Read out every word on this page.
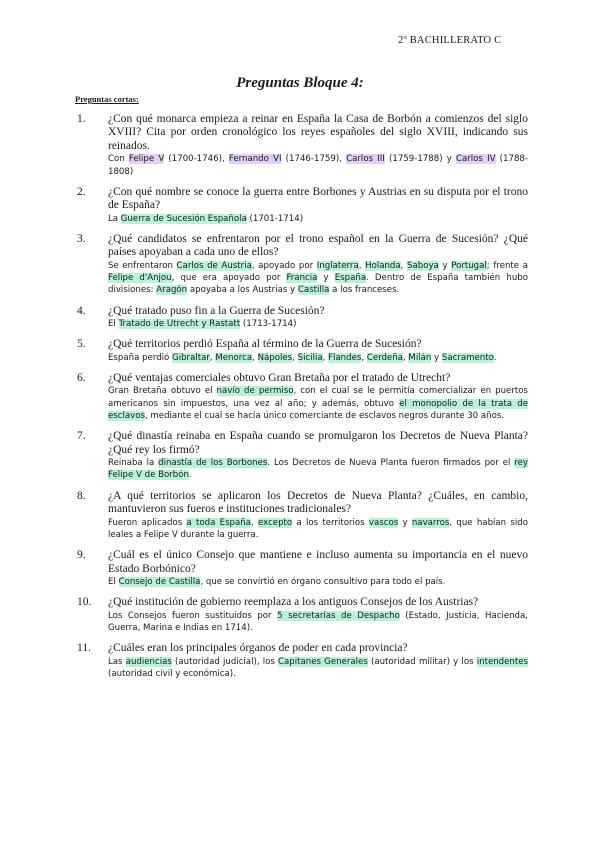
2º BACHILLERATO C
Preguntas Bloque 4:
Preguntas cortas:
1. ¿Con qué monarca empieza a reinar en España la Casa de Borbón a comienzos del siglo XVIII? Cita por orden cronológico los reyes españoles del siglo XVIII, indicando sus reinados.
Con Felipe V (1700-1746), Fernando VI (1746-1759), Carlos III (1759-1788) y Carlos IV (1788-1808)
2. ¿Con qué nombre se conoce la guerra entre Borbones y Austrias en su disputa por el trono de España?
La Guerra de Sucesión Española (1701-1714)
3. ¿Qué candidatos se enfrentaron por el trono español en la Guerra de Sucesión? ¿Qué países apoyaban a cada uno de ellos?
Se enfrentaron Carlos de Austria, apoyado por Inglaterra, Holanda, Saboya y Portugal; frente a Felipe d'Anjou, que era apoyado por Francia y España. Dentro de España también hubo divisiones: Aragón apoyaba a los Austrias y Castilla a los franceses.
4. ¿Qué tratado puso fin a la Guerra de Sucesión?
El Tratado de Utrecht y Rastatt (1713-1714)
5. ¿Qué territorios perdió España al término de la Guerra de Sucesión?
España perdió Gibraltar, Menorca, Nápoles, Sicilia, Flandes, Cerdeña, Milán y Sacramento.
6. ¿Qué ventajas comerciales obtuvo Gran Bretaña por el tratado de Utrecht?
Gran Bretaña obtuvo el navío de permiso, con el cual se le permitía comercializar en puertos americanos sin impuestos, una vez al año; y además, obtuvo el monopolio de la trata de esclavos, mediante el cual se hacía único comerciante de esclavos negros durante 30 años.
7. ¿Qué dinastía reinaba en España cuando se promulgaron los Decretos de Nueva Planta? ¿Qué rey los firmó?
Reinaba la dinastía de los Borbones. Los Decretos de Nueva Planta fueron firmados por el rey Felipe V de Borbón.
8. ¿A qué territorios se aplicaron los Decretos de Nueva Planta? ¿Cuáles, en cambio, mantuvieron sus fueros e instituciones tradicionales?
Fueron aplicados a toda España, excepto a los territorios vascos y navarros, que habían sido leales a Felipe V durante la guerra.
9. ¿Cuál es el único Consejo que mantiene e incluso aumenta su importancia en el nuevo Estado Borbónico?
El Consejo de Castilla, que se convirtió en órgano consultivo para todo el país.
10. ¿Qué institución de gobierno reemplaza a los antiguos Consejos de los Austrias?
Los Consejos fueron sustituidos por 5 secretarías de Despacho (Estado, Justicia, Hacienda, Guerra, Marina e Indias en 1714).
11. ¿Cuáles eran los principales órganos de poder en cada provincia?
Las audiencias (autoridad judicial), los Capitanes Generales (autoridad militar) y los intendentes (autoridad civil y económica).
